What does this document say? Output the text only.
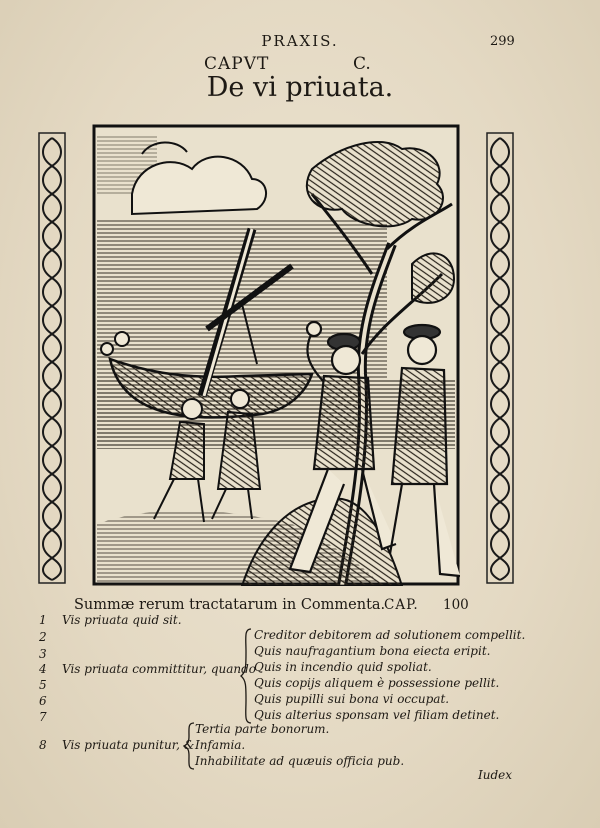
PRAXIS.	299
CAPVT	C.
De vi priuata.
Summæ rerum tractatarum in Commenta.
CAP. 100
1 Vis priuata quid sit.
2
3
4 Vis priuata committitur, quando
5
6
7
8 Vis priuata punitur, &
Creditor debitorem ad solutionem compellit.
Quis naufragantium bona eiecta eripit.
Quis in incendio quid spoliat.
Quis copijs aliquem è possessione pellit.
Quis pupilli sui bona vi occupat.
Quis alterius sponsam vel filiam detinet.
Tertia parte bonorum.
Infamia.
Inhabilitate ad quæuis officia pub.
Iudex
